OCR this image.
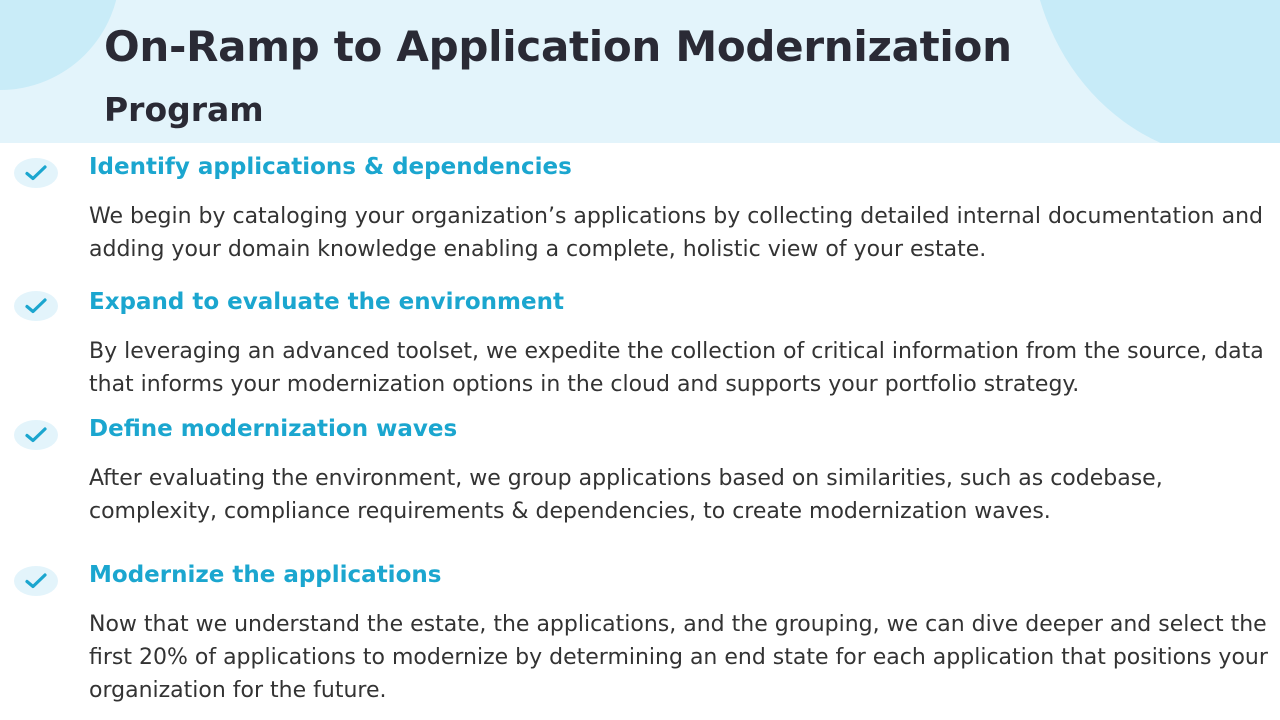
On-Ramp to Application Modernization
Program
Identify applications & dependencies

We begin by cataloging your organization’s applications by collecting detailed internal documentation and adding your domain knowledge enabling a complete, holistic view of your estate.

Expand to evaluate the environment

By leveraging an advanced toolset, we expedite the collection of critical information from the source, data that informs your modernization options in the cloud and supports your portfolio strategy.

Define modernization waves

After evaluating the environment, we group applications based on similarities, such as codebase, complexity, compliance requirements & dependencies, to create modernization waves.

Modernize the applications

Now that we understand the estate, the applications, and the grouping, we can dive deeper and select the first 20% of applications to modernize by determining an end state for each application that positions your organization for the future.
